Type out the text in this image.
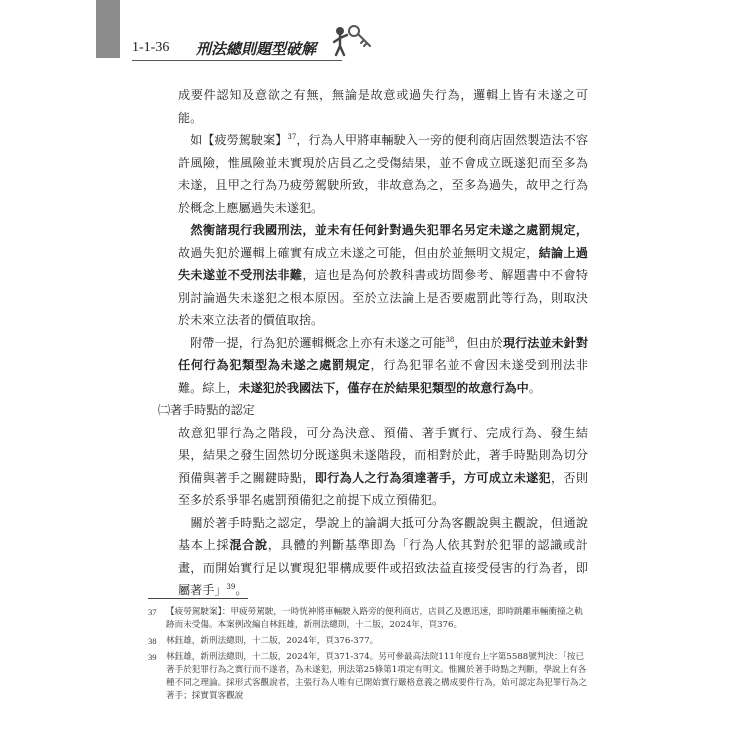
1-1-36 刑法總則題型破解

成要件認知及意欲之有無，無論是故意或過失行為，邏輯上皆有未遂之可能。

　如【疲勞駕駛案】$^{37}$，行為人甲將車輛駛入一旁的便利商店固然製造法不容許風險，惟風險並未實現於店員乙之受傷結果，並不會成立既遂犯而至多為未遂，且甲之行為乃疲勞駕駛所致，非故意為之，至多為過失，故甲之行為於概念上應屬過失未遂犯。

　然衡諸現行我國刑法，並未有任何針對過失犯罪名另定未遂之處罰規定，故過失犯於邏輯上確實有成立未遂之可能，但由於並無明文規定，結論上過失未遂並不受刑法非難，這也是為何於教科書或坊間參考、解題書中不會特別討論過失未遂犯之根本原因。至於立法論上是否要處罰此等行為，則取決於未來立法者的價值取捨。

　附帶一提，行為犯於邏輯概念上亦有未遂之可能$^{38}$，但由於現行法並未針對任何行為犯類型為未遂之處罰規定，行為犯罪名並不會因未遂受到刑法非難。綜上，未遂犯於我國法下，僅存在於結果犯類型的故意行為中。

㈡著手時點的認定

故意犯罪行為之階段，可分為決意、預備、著手實行、完成行為、發生結果，結果之發生固然切分既遂與未遂階段，而相對於此，著手時點則為切分預備與著手之關鍵時點，即行為人之行為須達著手，方可成立未遂犯，否則至多於系爭罪名處罰預備犯之前提下成立預備犯。

　關於著手時點之認定，學說上的論調大抵可分為客觀說與主觀說，但通說基本上採混合說，具體的判斷基準即為「行為人依其對於犯罪的認識或計畫，而開始實行足以實現犯罪構成要件或招致法益直接受侵害的行為者，即屬著手」$^{39}$。

37	【疲勞駕駛案】：甲疲勞駕駛，一時恍神將車輛駛入路旁的便利商店，店員乙及應迅速，即時跳離車輛衝撞之軌跡而未受傷。本案例改編自林鈺雄，新刑法總則，十二版，2024年，頁376。
38	林鈺雄，新刑法總則，十二版，2024年，頁376-377。
39	林鈺雄，新刑法總則，十二版，2024年，頁371-374。另可參最高法院111年度台上字第5588號判決：「按已著手於犯罪行為之實行而不遂者，為未遂犯，刑法第25條第1項定有明文。惟關於著手時點之判斷，學說上有各種不同之理論。採形式客觀說者，主張行為人唯有已開始實行嚴格意義之構成要件行為，始可認定為犯罪行為之著手；採實質客觀說
